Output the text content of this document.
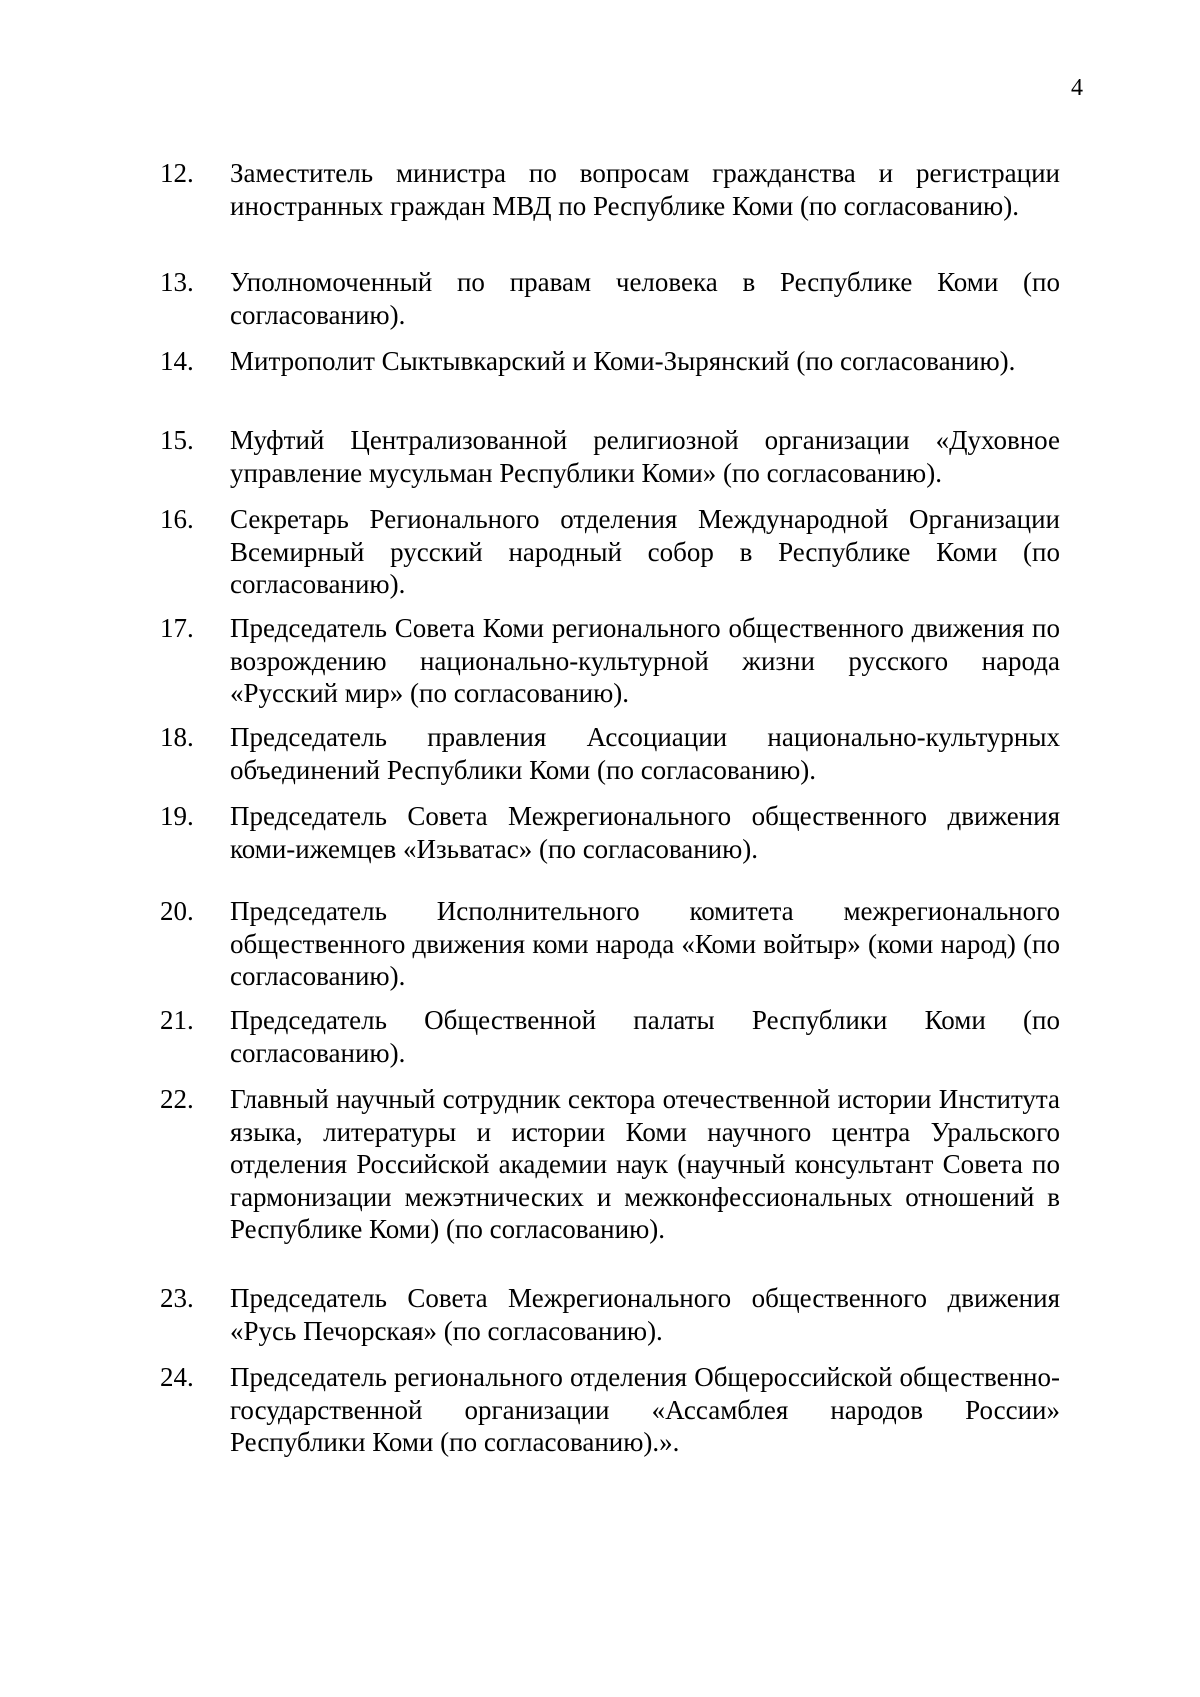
4
12. Заместитель министра по вопросам гражданства и регистрации иностранных граждан МВД по Республике Коми (по согласованию).
13. Уполномоченный по правам человека в Республике Коми (по согласованию).
14. Митрополит Сыктывкарский и Коми-Зырянский (по согласованию).
15. Муфтий Централизованной религиозной организации «Духовное управление мусульман Республики Коми» (по согласованию).
16. Секретарь Регионального отделения Международной Организации Всемирный русский народный собор в Республике Коми (по согласованию).
17. Председатель Совета Коми регионального общественного движения по возрождению национально-культурной жизни русского народа «Русский мир» (по согласованию).
18. Председатель правления Ассоциации национально-культурных объединений Республики Коми (по согласованию).
19. Председатель Совета Межрегионального общественного движения коми-ижемцев «Изьватас» (по согласованию).
20. Председатель Исполнительного комитета межрегионального общественного движения коми народа «Коми войтыр» (коми народ) (по согласованию).
21. Председатель Общественной палаты Республики Коми (по согласованию).
22. Главный научный сотрудник сектора отечественной истории Института языка, литературы и истории Коми научного центра Уральского отделения Российской академии наук (научный консультант Совета по гармонизации межэтнических и межконфессиональных отношений в Республике Коми) (по согласованию).
23. Председатель Совета Межрегионального общественного движения «Русь Печорская» (по согласованию).
24. Председатель регионального отделения Общероссийской общественно-государственной организации «Ассамблея народов России» Республики Коми (по согласованию).».
